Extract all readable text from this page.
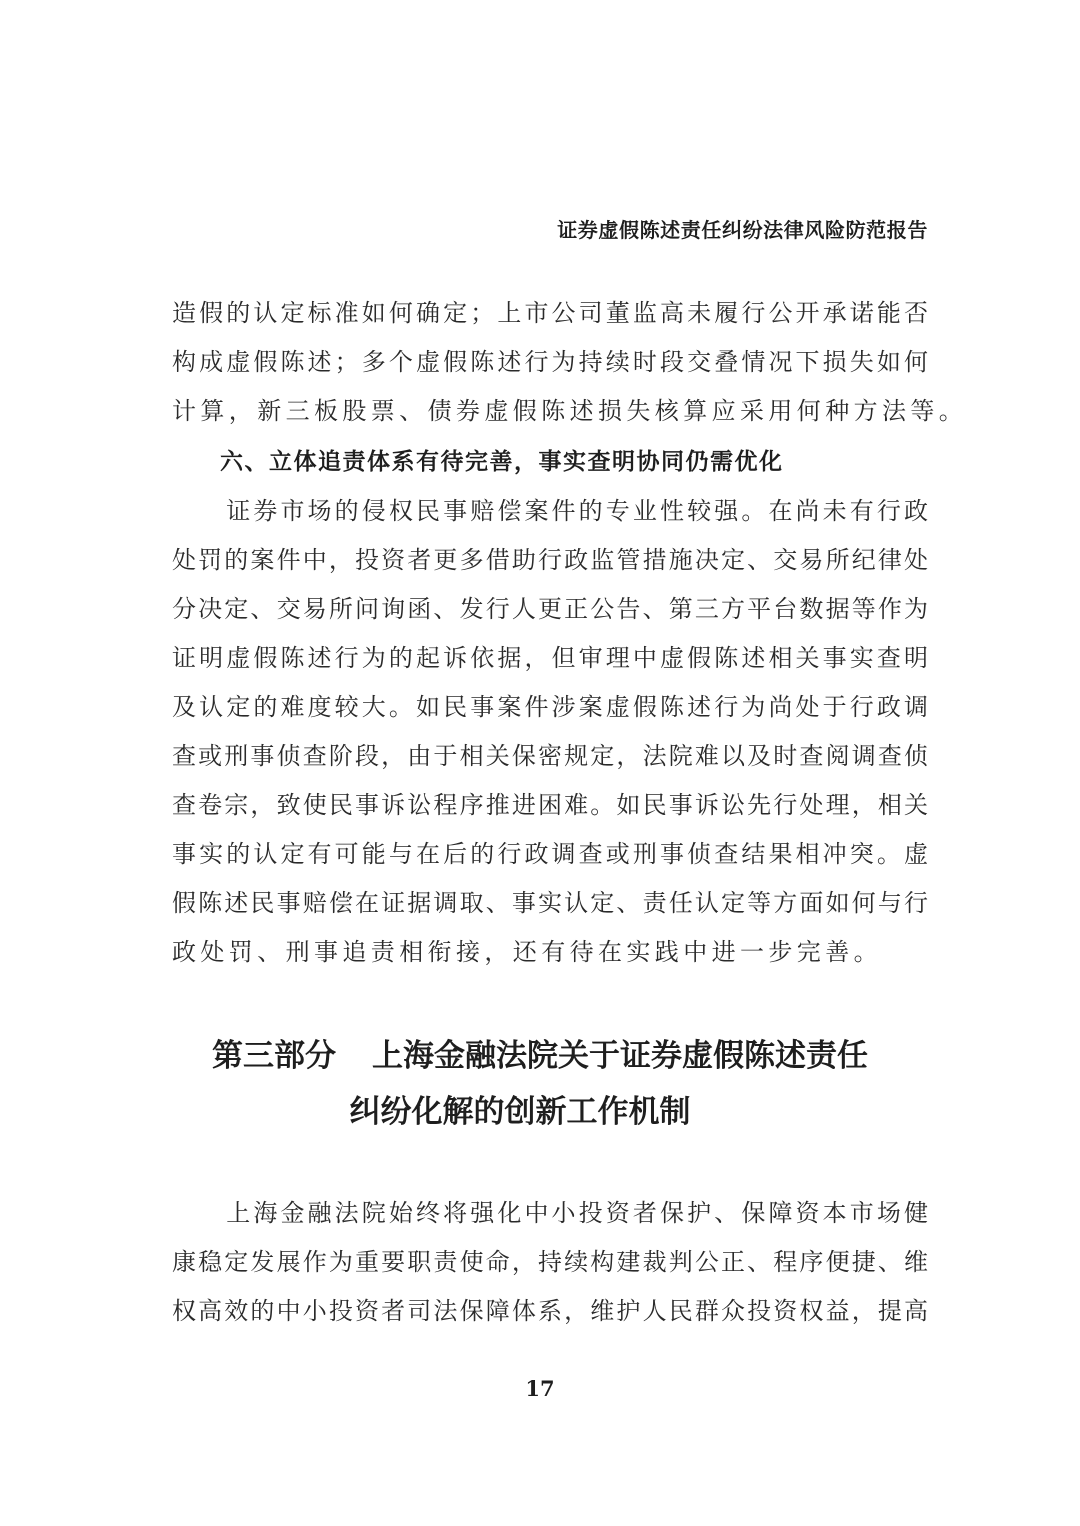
证券虚假陈述责任纠纷法律风险防范报告
造假的认定标准如何确定；上市公司董监高未履行公开承诺能否
构成虚假陈述；多个虚假陈述行为持续时段交叠情况下损失如何
计算，新三板股票、债券虚假陈述损失核算应采用何种方法等。
六、立体追责体系有待完善，事实查明协同仍需优化
　　证券市场的侵权民事赔偿案件的专业性较强。在尚未有行政
处罚的案件中，投资者更多借助行政监管措施决定、交易所纪律处
分决定、交易所问询函、发行人更正公告、第三方平台数据等作为
证明虚假陈述行为的起诉依据，但审理中虚假陈述相关事实查明
及认定的难度较大。如民事案件涉案虚假陈述行为尚处于行政调
查或刑事侦查阶段，由于相关保密规定，法院难以及时查阅调查侦
查卷宗，致使民事诉讼程序推进困难。如民事诉讼先行处理，相关
事实的认定有可能与在后的行政调查或刑事侦查结果相冲突。虚
假陈述民事赔偿在证据调取、事实认定、责任认定等方面如何与行
政处罚、刑事追责相衔接，还有待在实践中进一步完善。
第三部分 上海金融法院关于证券虚假陈述责任
纠纷化解的创新工作机制
　　上海金融法院始终将强化中小投资者保护、保障资本市场健
康稳定发展作为重要职责使命，持续构建裁判公正、程序便捷、维
权高效的中小投资者司法保障体系，维护人民群众投资权益，提高
17
